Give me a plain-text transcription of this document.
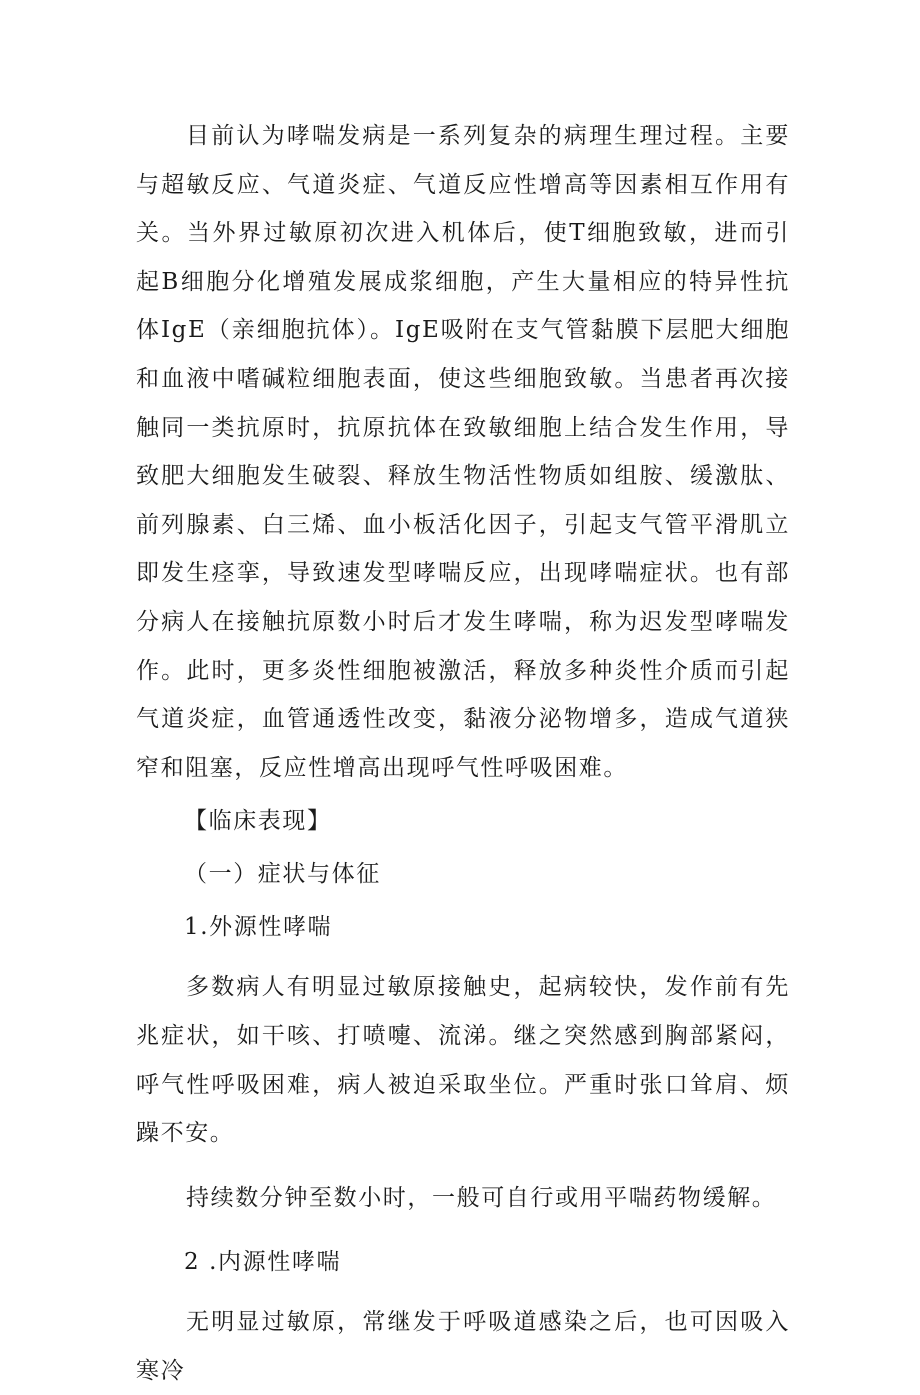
目前认为哮喘发病是一系列复杂的病理生理过程。主要与超敏反应、气道炎症、气道反应性增高等因素相互作用有关。当外界过敏原初次进入机体后，使T细胞致敏，进而引起B细胞分化增殖发展成浆细胞，产生大量相应的特异性抗体IgE（亲细胞抗体）。IgE吸附在支气管黏膜下层肥大细胞和血液中嗜碱粒细胞表面，使这些细胞致敏。当患者再次接触同一类抗原时，抗原抗体在致敏细胞上结合发生作用，导致肥大细胞发生破裂、释放生物活性物质如组胺、缓激肽、前列腺素、白三烯、血小板活化因子，引起支气管平滑肌立即发生痉挛，导致速发型哮喘反应，出现哮喘症状。也有部分病人在接触抗原数小时后才发生哮喘，称为迟发型哮喘发作。此时，更多炎性细胞被激活，释放多种炎性介质而引起气道炎症，血管通透性改变，黏液分泌物增多，造成气道狭窄和阻塞，反应性增高出现呼气性呼吸困难。

【临床表现】

（一）症状与体征

1.外源性哮喘

多数病人有明显过敏原接触史，起病较快，发作前有先兆症状，如干咳、打喷嚏、流涕。继之突然感到胸部紧闷，呼气性呼吸困难，病人被迫采取坐位。严重时张口耸肩、烦躁不安。

持续数分钟至数小时，一般可自行或用平喘药物缓解。

2 .内源性哮喘

无明显过敏原，常继发于呼吸道感染之后，也可因吸入寒冷
